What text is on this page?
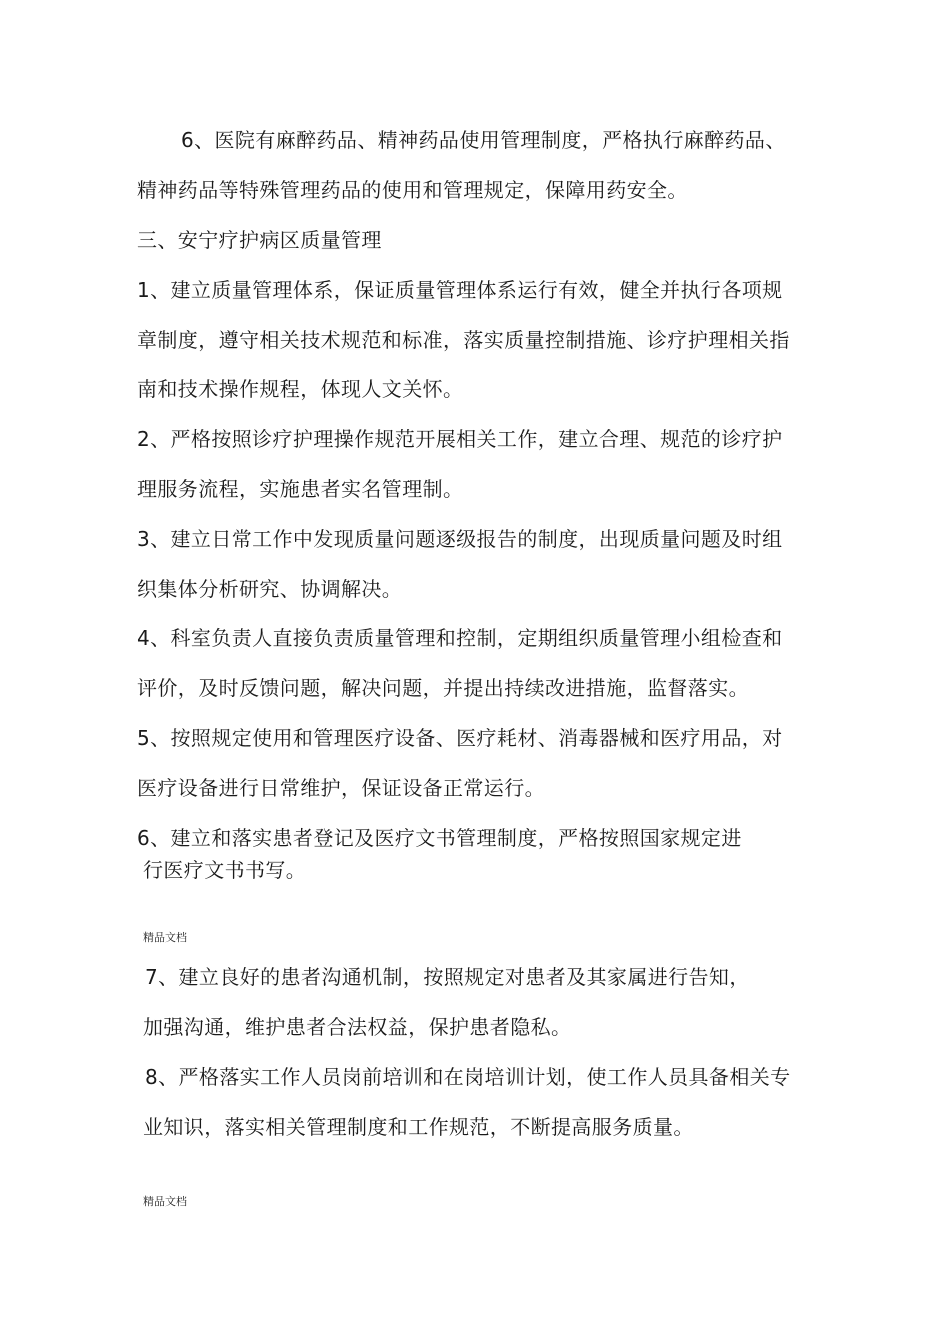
6、医院有麻醉药品、精神药品使用管理制度，严格执行麻醉药品、
精神药品等特殊管理药品的使用和管理规定，保障用药安全。
三、安宁疗护病区质量管理
1、建立质量管理体系，保证质量管理体系运行有效，健全并执行各项规
章制度，遵守相关技术规范和标准，落实质量控制措施、诊疗护理相关指
南和技术操作规程，体现人文关怀。
2、严格按照诊疗护理操作规范开展相关工作，建立合理、规范的诊疗护
理服务流程，实施患者实名管理制。
3、建立日常工作中发现质量问题逐级报告的制度，出现质量问题及时组
织集体分析研究、协调解决。
4、科室负责人直接负责质量管理和控制，定期组织质量管理小组检查和
评价，及时反馈问题，解决问题，并提出持续改进措施，监督落实。
5、按照规定使用和管理医疗设备、医疗耗材、消毒器械和医疗用品，对
医疗设备进行日常维护，保证设备正常运行。
6、建立和落实患者登记及医疗文书管理制度，严格按照国家规定进
行医疗文书书写。
精品文档
7、建立良好的患者沟通机制，按照规定对患者及其家属进行告知，
加强沟通，维护患者合法权益，保护患者隐私。
8、严格落实工作人员岗前培训和在岗培训计划，使工作人员具备相关专
业知识，落实相关管理制度和工作规范，不断提高服务质量。
精品文档
